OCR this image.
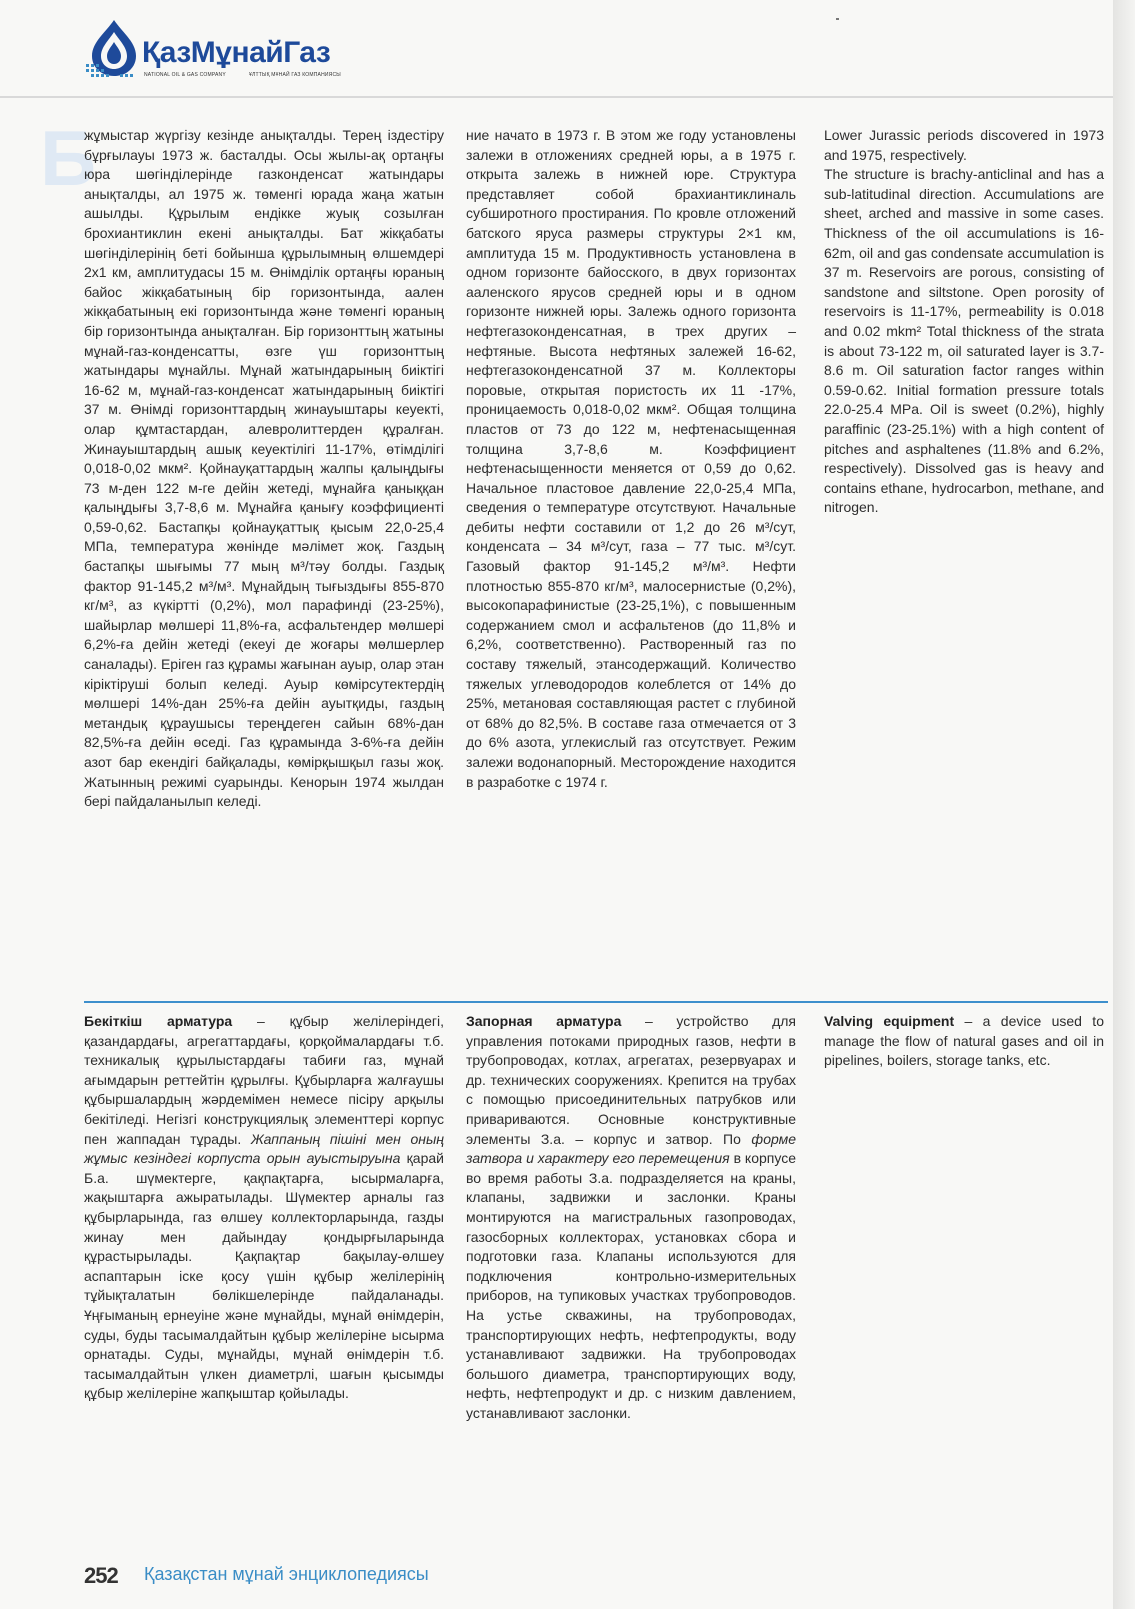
ҚазМұнайГаз
NATIONAL OIL & GAS COMPANY	ҰЛТТЫҚ МҰНАЙ ГАЗ КОМПАНИЯСЫ
Б

жұмыстар жүргізу кезінде анықталды. Терең іздестіру бұрғылауы 1973 ж. басталды. Осы жылы-ақ ортаңғы юра шөгінділерінде газконденсат жатындары анықталды, ал 1975 ж. төменгі юрада жаңа жатын ашылды. Құрылым ендікке жуық созылған брохиантиклин екені анықталды. Бат жікқабаты шөгінділерінің беті бойынша құрылымның өлшемдері 2х1 км, амплитудасы 15 м. Өнімділік ортаңғы юраның байос жікқабатының бір горизонтында, аален жікқабатының екі горизонтында және төменгі юраның бір горизонтында анықталған. Бір горизонттың жатыны мұнай-газ-конденсатты, өзге үш горизонттың жатындары мұнайлы. Мұнай жатындарының биіктігі 16-62 м, мұнай-газ-конденсат жатындарының биіктігі 37 м. Өнімді горизонттардың жинауыштары кеуекті, олар құмтастардан, алевролиттерден құралған. Жинауыштардың ашық кеуектілігі 11-17%, өтімділігі 0,018-0,02 мкм². Қойнауқаттардың жалпы қалыңдығы 73 м-ден 122 м-ге дейін жетеді, мұнайға қаныққан қалыңдығы 3,7-8,6 м. Мұнайға қанығу коэффициенті 0,59-0,62. Бастапқы қойнауқаттық қысым 22,0-25,4 МПа, температура жөнінде мәлімет жоқ. Газдың бастапқы шығымы 77 мың м³/тәу болды. Газдық фактор 91-145,2 м³/м³. Мұнайдың тығыздығы 855-870 кг/м³, аз күкіртті (0,2%), мол парафинді (23-25%), шайырлар мөлшері 11,8%-ға, асфальтендер мөлшері 6,2%-ға дейін жетеді (екеуі де жоғары мөлшерлер саналады). Еріген газ құрамы жағынан ауыр, олар этан кіріктіруші болып келеді. Ауыр көмірсутектердің мөлшері 14%-дан 25%-ға дейін ауытқиды, газдың метандық құраушысы тереңдеген сайын 68%-дан 82,5%-ға дейін өседі. Газ құрамында 3-6%-ға дейін азот бар екендігі байқалады, көмірқышқыл газы жоқ. Жатынның режимі суарынды. Кенорын 1974 жылдан бері пайдаланылып келеді.

ние начато в 1973 г. В этом же году установлены залежи в отложениях средней юры, а в 1975 г. открыта залежь в нижней юре. Структура представляет собой брахиантиклиналь субширотного простирания. По кровле отложений батского яруса размеры структуры 2×1 км, амплитуда 15 м. Продуктивность установлена в одном горизонте байосского, в двух горизонтах ааленского ярусов средней юры и в одном горизонте нижней юры. Залежь одного горизонта нефтегазоконденсатная, в трех других – нефтяные. Высота нефтяных залежей 16-62, нефтегазоконденсатной 37 м. Коллекторы поровые, открытая пористость их 11 -17%, проницаемость 0,018-0,02 мкм². Общая толщина пластов от 73 до 122 м, нефтенасыщенная толщина 3,7-8,6 м. Коэффициент нефтенасыщенности меняется от 0,59 до 0,62. Начальное пластовое давление 22,0-25,4 МПа, сведения о температуре отсутствуют. Начальные дебиты нефти составили от 1,2 до 26 м³/сут, конденсата – 34 м³/сут, газа – 77 тыс. м³/сут. Газовый фактор 91-145,2 м³/м³. Нефти плотностью 855-870 кг/м³, малосернистые (0,2%), высокопарафинистые (23-25,1%), с повышенным содержанием смол и асфальтенов (до 11,8% и 6,2%, соответственно). Растворенный газ по составу тяжелый, этансодержащий. Количество тяжелых углеводородов колеблется от 14% до 25%, метановая составляющая растет с глубиной от 68% до 82,5%. В составе газа отмечается от 3 до 6% азота, углекислый газ отсутствует. Режим залежи водонапорный. Месторождение находится в разработке с 1974 г.

Lower Jurassic periods discovered in 1973 and 1975, respectively.

The structure is brachy-anticlinal and has a sub-latitudinal direction. Accumulations are sheet, arched and massive in some cases. Thickness of the oil accumulations is 16-62m, oil and gas condensate accumulation is 37 m. Reservoirs are porous, consisting of sandstone and siltstone. Open porosity of reservoirs is 11-17%, permeability is 0.018 and 0.02 mkm² Total thickness of the strata is about 73-122 m, oil saturated layer is 3.7-8.6 m. Oil saturation factor ranges within 0.59-0.62. Initial formation pressure totals 22.0-25.4 MPa. Oil is sweet (0.2%), highly paraffinic (23-25.1%) with a high content of pitches and asphaltenes (11.8% and 6.2%, respectively). Dissolved gas is heavy and contains ethane, hydrocarbon, methane, and nitrogen.

Бекіткіш арматура – құбыр желілеріндегі, қазандардағы, агрегаттардағы, қорқоймалардағы т.б. техникалық құрылыстардағы табиғи газ, мұнай ағымдарын реттейтін құрылғы. Құбырларға жалғаушы құбыршалардың жәрдемімен немесе пісіру арқылы бекітіледі. Негізгі конструкциялық элементтері корпус пен жаппадан тұрады. Жаппаның пішіні мен оның жұмыс кезіндегі корпуста орын ауыстыруына қарай Б.а. шүмектерге, қақпақтарға, ысырмаларға, жақыштарға ажыратылады. Шүмектер арналы газ құбырларында, газ өлшеу коллекторларында, газды жинау мен дайындау қондырғыларында құрастырылады. Қақпақтар бақылау-өлшеу аспаптарын іске қосу үшін құбыр желілерінің тұйықталатын бөлікшелерінде пайдаланады. Ұңғыманың ернеуіне және мұнайды, мұнай өнімдерін, суды, буды тасымалдайтын құбыр желілеріне ысырма орнатады. Суды, мұнайды, мұнай өнімдерін т.б. тасымалдайтын үлкен диаметрлі, шағын қысымды құбыр желілеріне жапқыштар қойылады.

Запорная арматура – устройство для управления потоками природных газов, нефти в трубопроводах, котлах, агрегатах, резервуарах и др. технических сооружениях. Крепится на трубах с помощью присоединительных патрубков или привариваются. Основные конструктивные элементы З.а. – корпус и затвор. По форме затвора и характеру его перемещения в корпусе во время работы З.а. подразделяется на краны, клапаны, задвижки и заслонки. Краны монтируются на магистральных газопроводах, газосборных коллекторах, установках сбора и подготовки газа. Клапаны используются для подключения контрольно-измерительных приборов, на тупиковых участках трубопроводов. На устье скважины, на трубопроводах, транспортирующих нефть, нефтепродукты, воду устанавливают задвижки. На трубопроводах большого диаметра, транспортирующих воду, нефть, нефтепродукт и др. с низким давлением, устанавливают заслонки.

Valving equipment – a device used to manage the flow of natural gases and oil in pipelines, boilers, storage tanks, etc.

252 Қазақстан мұнай энциклопедиясы
